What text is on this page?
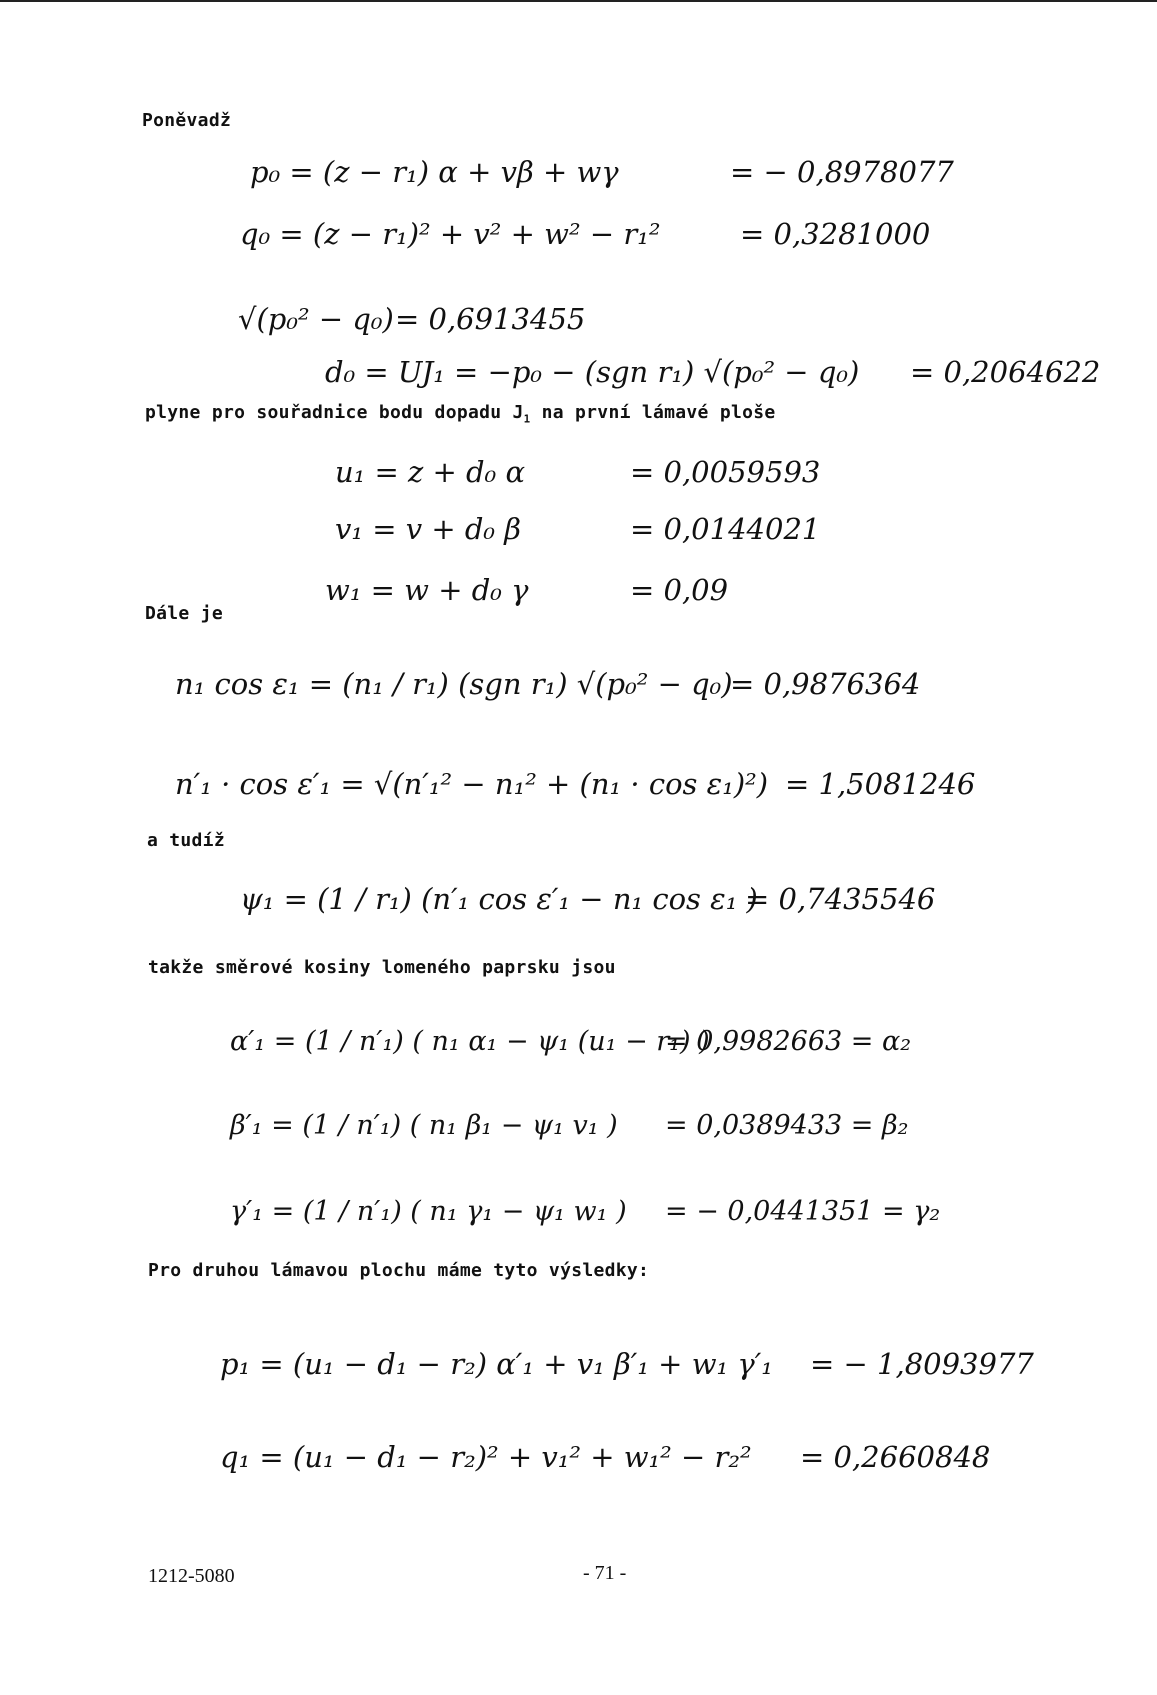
Poněvadž
p₀ = (z − r₁) α + vβ + wγ	= − 0,8978077
q₀ = (z − r₁)² + v² + w² − r₁²	= 0,3281000
√(p₀² − q₀) = 0,6913455
d₀ = UJ₁ = −p₀ − (sgn r₁) √(p₀² − q₀) = 0,2064622
plyne pro souřadnice bodu dopadu $J_1$ na první lámavé ploše
u₁ = z + d₀ α	= 0,0059593
v₁ = v + d₀ β	= 0,0144021
w₁ = w + d₀ γ	= 0,09
Dále je
n₁ cos ε₁ = (n₁ / r₁) (sgn r₁) √(p₀² − q₀)
= 0,9876364
n′₁ · cos ε′₁ = √(n′₁² − n₁² + (n₁ · cos ε₁)²) = 1,5081246
a tudíž
ψ₁ = (1 / r₁) (n′₁ cos ε′₁ − n₁ cos ε₁ )
= 0,7435546
takže směrové kosiny lomeného paprsku jsou
α′₁ = (1 / n′₁) ( n₁ α₁ − ψ₁ (u₁ − r₁) )
= 0,9982663 = α₂
β′₁ = (1 / n′₁) ( n₁ β₁ − ψ₁ v₁ ) = 0,0389433 = β₂
γ′₁ = (1 / n′₁) ( n₁ γ₁ − ψ₁ w₁ ) = − 0,0441351 = γ₂
Pro druhou lámavou plochu máme tyto výsledky:
p₁ = (u₁ − d₁ − r₂) α′₁ + v₁ β′₁ + w₁ γ′₁ = − 1,8093977
q₁ = (u₁ − d₁ − r₂)² + v₁² + w₁² − r₂² = 0,2660848
1212-5080	- 71 -
